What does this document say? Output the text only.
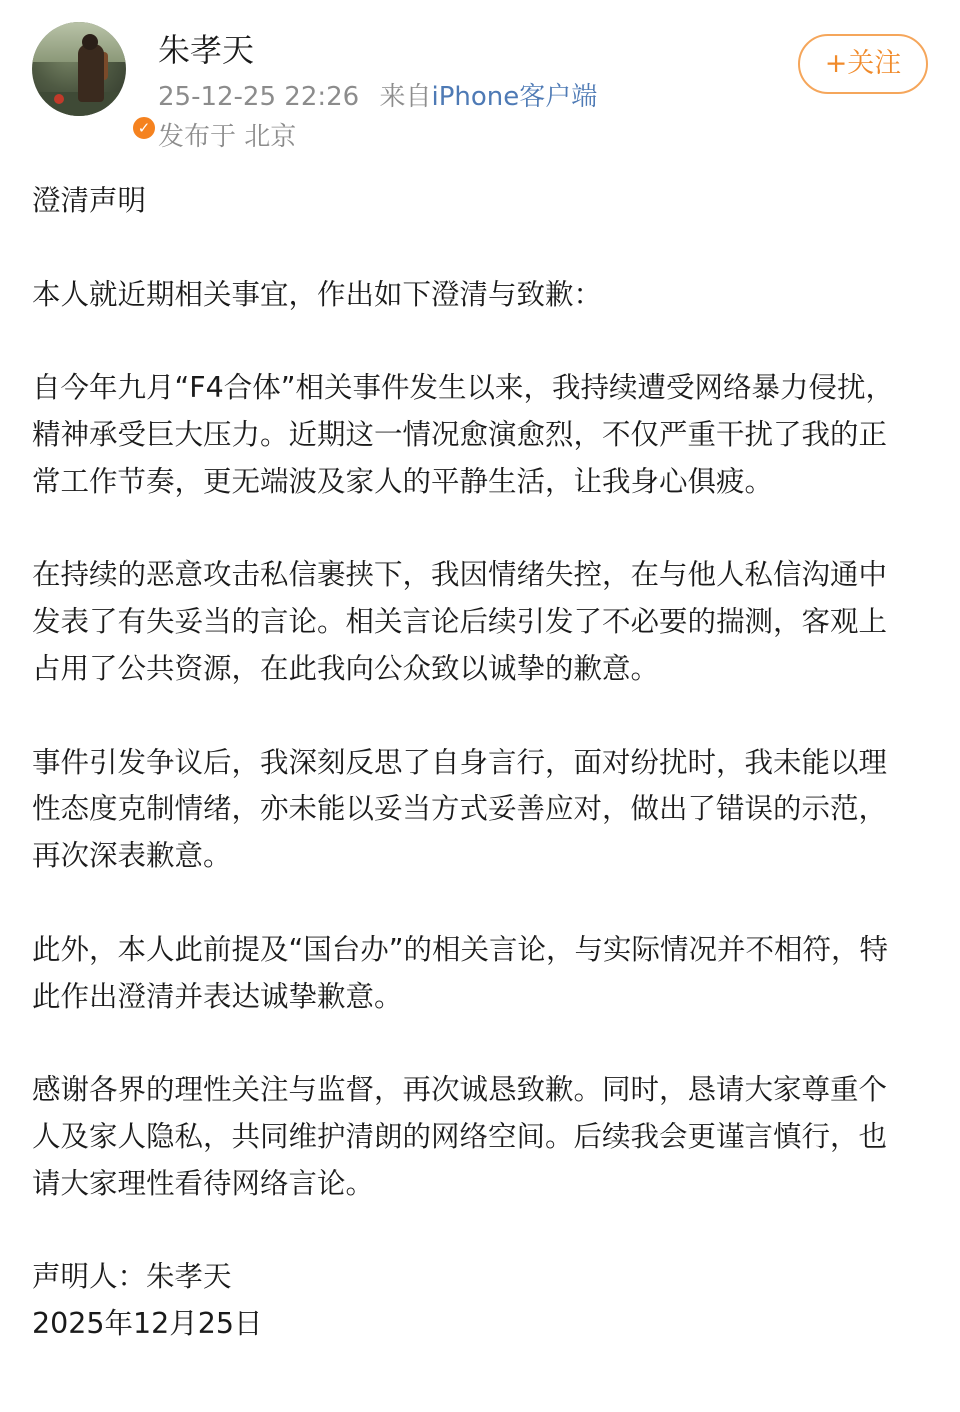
✓
朱孝天
25-12-25 22:26 来自iPhone客户端
发布于 北京
+关注

澄清声明

本人就近期相关事宜，作出如下澄清与致歉：

自今年九月“F4合体”相关事件发生以来，我持续遭受网络暴力侵扰，精神承受巨大压力。近期这一情况愈演愈烈，不仅严重干扰了我的正常工作节奏，更无端波及家人的平静生活，让我身心俱疲。

在持续的恶意攻击私信裹挟下，我因情绪失控，在与他人私信沟通中发表了有失妥当的言论。相关言论后续引发了不必要的揣测，客观上占用了公共资源，在此我向公众致以诚挚的歉意。

事件引发争议后，我深刻反思了自身言行，面对纷扰时，我未能以理性态度克制情绪，亦未能以妥当方式妥善应对，做出了错误的示范，再次深表歉意。

此外，本人此前提及“国台办”的相关言论，与实际情况并不相符，特此作出澄清并表达诚挚歉意。

感谢各界的理性关注与监督，再次诚恳致歉。同时，恳请大家尊重个人及家人隐私，共同维护清朗的网络空间。后续我会更谨言慎行，也请大家理性看待网络言论。

声明人：朱孝天

2025年12月25日
